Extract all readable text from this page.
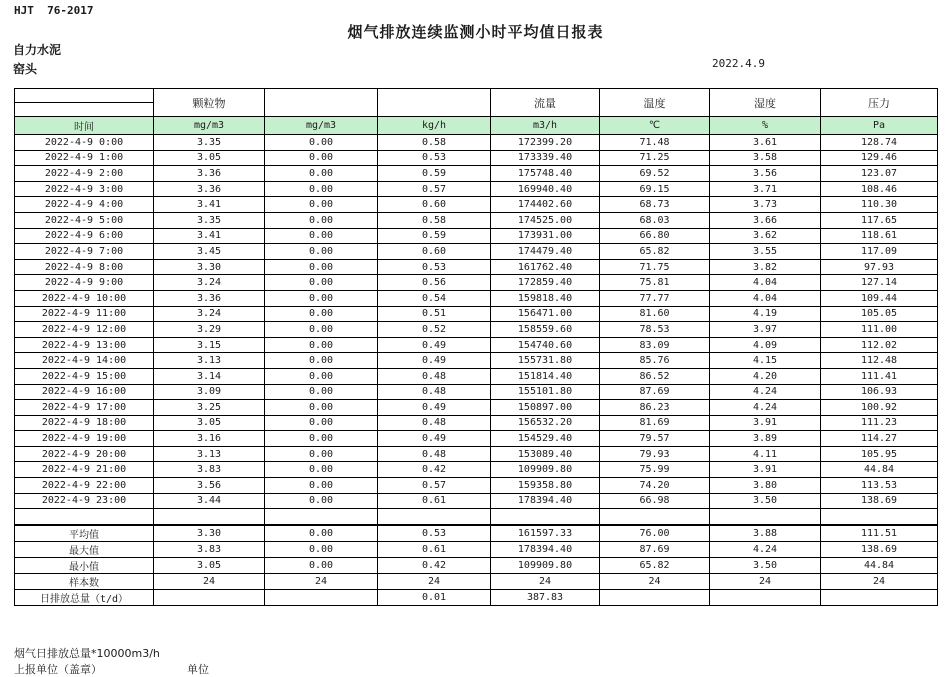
HJT  76-2017
烟气排放连续监测小时平均值日报表
自力水泥
窑头	2022.4.9
	颗粒物			流量	温度	湿度	压力

时间	mg/m3	mg/m3	kg/h	m3/h	℃	%	Pa
2022-4-9 0:00	3.35	0.00	0.58	172399.20	71.48	3.61	128.74
2022-4-9 1:00	3.05	0.00	0.53	173339.40	71.25	3.58	129.46
2022-4-9 2:00	3.36	0.00	0.59	175748.40	69.52	3.56	123.07
2022-4-9 3:00	3.36	0.00	0.57	169940.40	69.15	3.71	108.46
2022-4-9 4:00	3.41	0.00	0.60	174402.60	68.73	3.73	110.30
2022-4-9 5:00	3.35	0.00	0.58	174525.00	68.03	3.66	117.65
2022-4-9 6:00	3.41	0.00	0.59	173931.00	66.80	3.62	118.61
2022-4-9 7:00	3.45	0.00	0.60	174479.40	65.82	3.55	117.09
2022-4-9 8:00	3.30	0.00	0.53	161762.40	71.75	3.82	97.93
2022-4-9 9:00	3.24	0.00	0.56	172859.40	75.81	4.04	127.14
2022-4-9 10:00	3.36	0.00	0.54	159818.40	77.77	4.04	109.44
2022-4-9 11:00	3.24	0.00	0.51	156471.00	81.60	4.19	105.05
2022-4-9 12:00	3.29	0.00	0.52	158559.60	78.53	3.97	111.00
2022-4-9 13:00	3.15	0.00	0.49	154740.60	83.09	4.09	112.02
2022-4-9 14:00	3.13	0.00	0.49	155731.80	85.76	4.15	112.48
2022-4-9 15:00	3.14	0.00	0.48	151814.40	86.52	4.20	111.41
2022-4-9 16:00	3.09	0.00	0.48	155101.80	87.69	4.24	106.93
2022-4-9 17:00	3.25	0.00	0.49	150897.00	86.23	4.24	100.92
2022-4-9 18:00	3.05	0.00	0.48	156532.20	81.69	3.91	111.23
2022-4-9 19:00	3.16	0.00	0.49	154529.40	79.57	3.89	114.27
2022-4-9 20:00	3.13	0.00	0.48	153089.40	79.93	4.11	105.95
2022-4-9 21:00	3.83	0.00	0.42	109909.80	75.99	3.91	44.84
2022-4-9 22:00	3.56	0.00	0.57	159358.80	74.20	3.80	113.53
2022-4-9 23:00	3.44	0.00	0.61	178394.40	66.98	3.50	138.69

平均值	3.30	0.00	0.53	161597.33	76.00	3.88	111.51
最大值	3.83	0.00	0.61	178394.40	87.69	4.24	138.69
最小值	3.05	0.00	0.42	109909.80	65.82	3.50	44.84
样本数	24	24	24	24	24	24	24
日排放总量（t/d）			0.01	387.83			
烟气日排放总量*10000m3/h
上报单位（盖章）	单位
